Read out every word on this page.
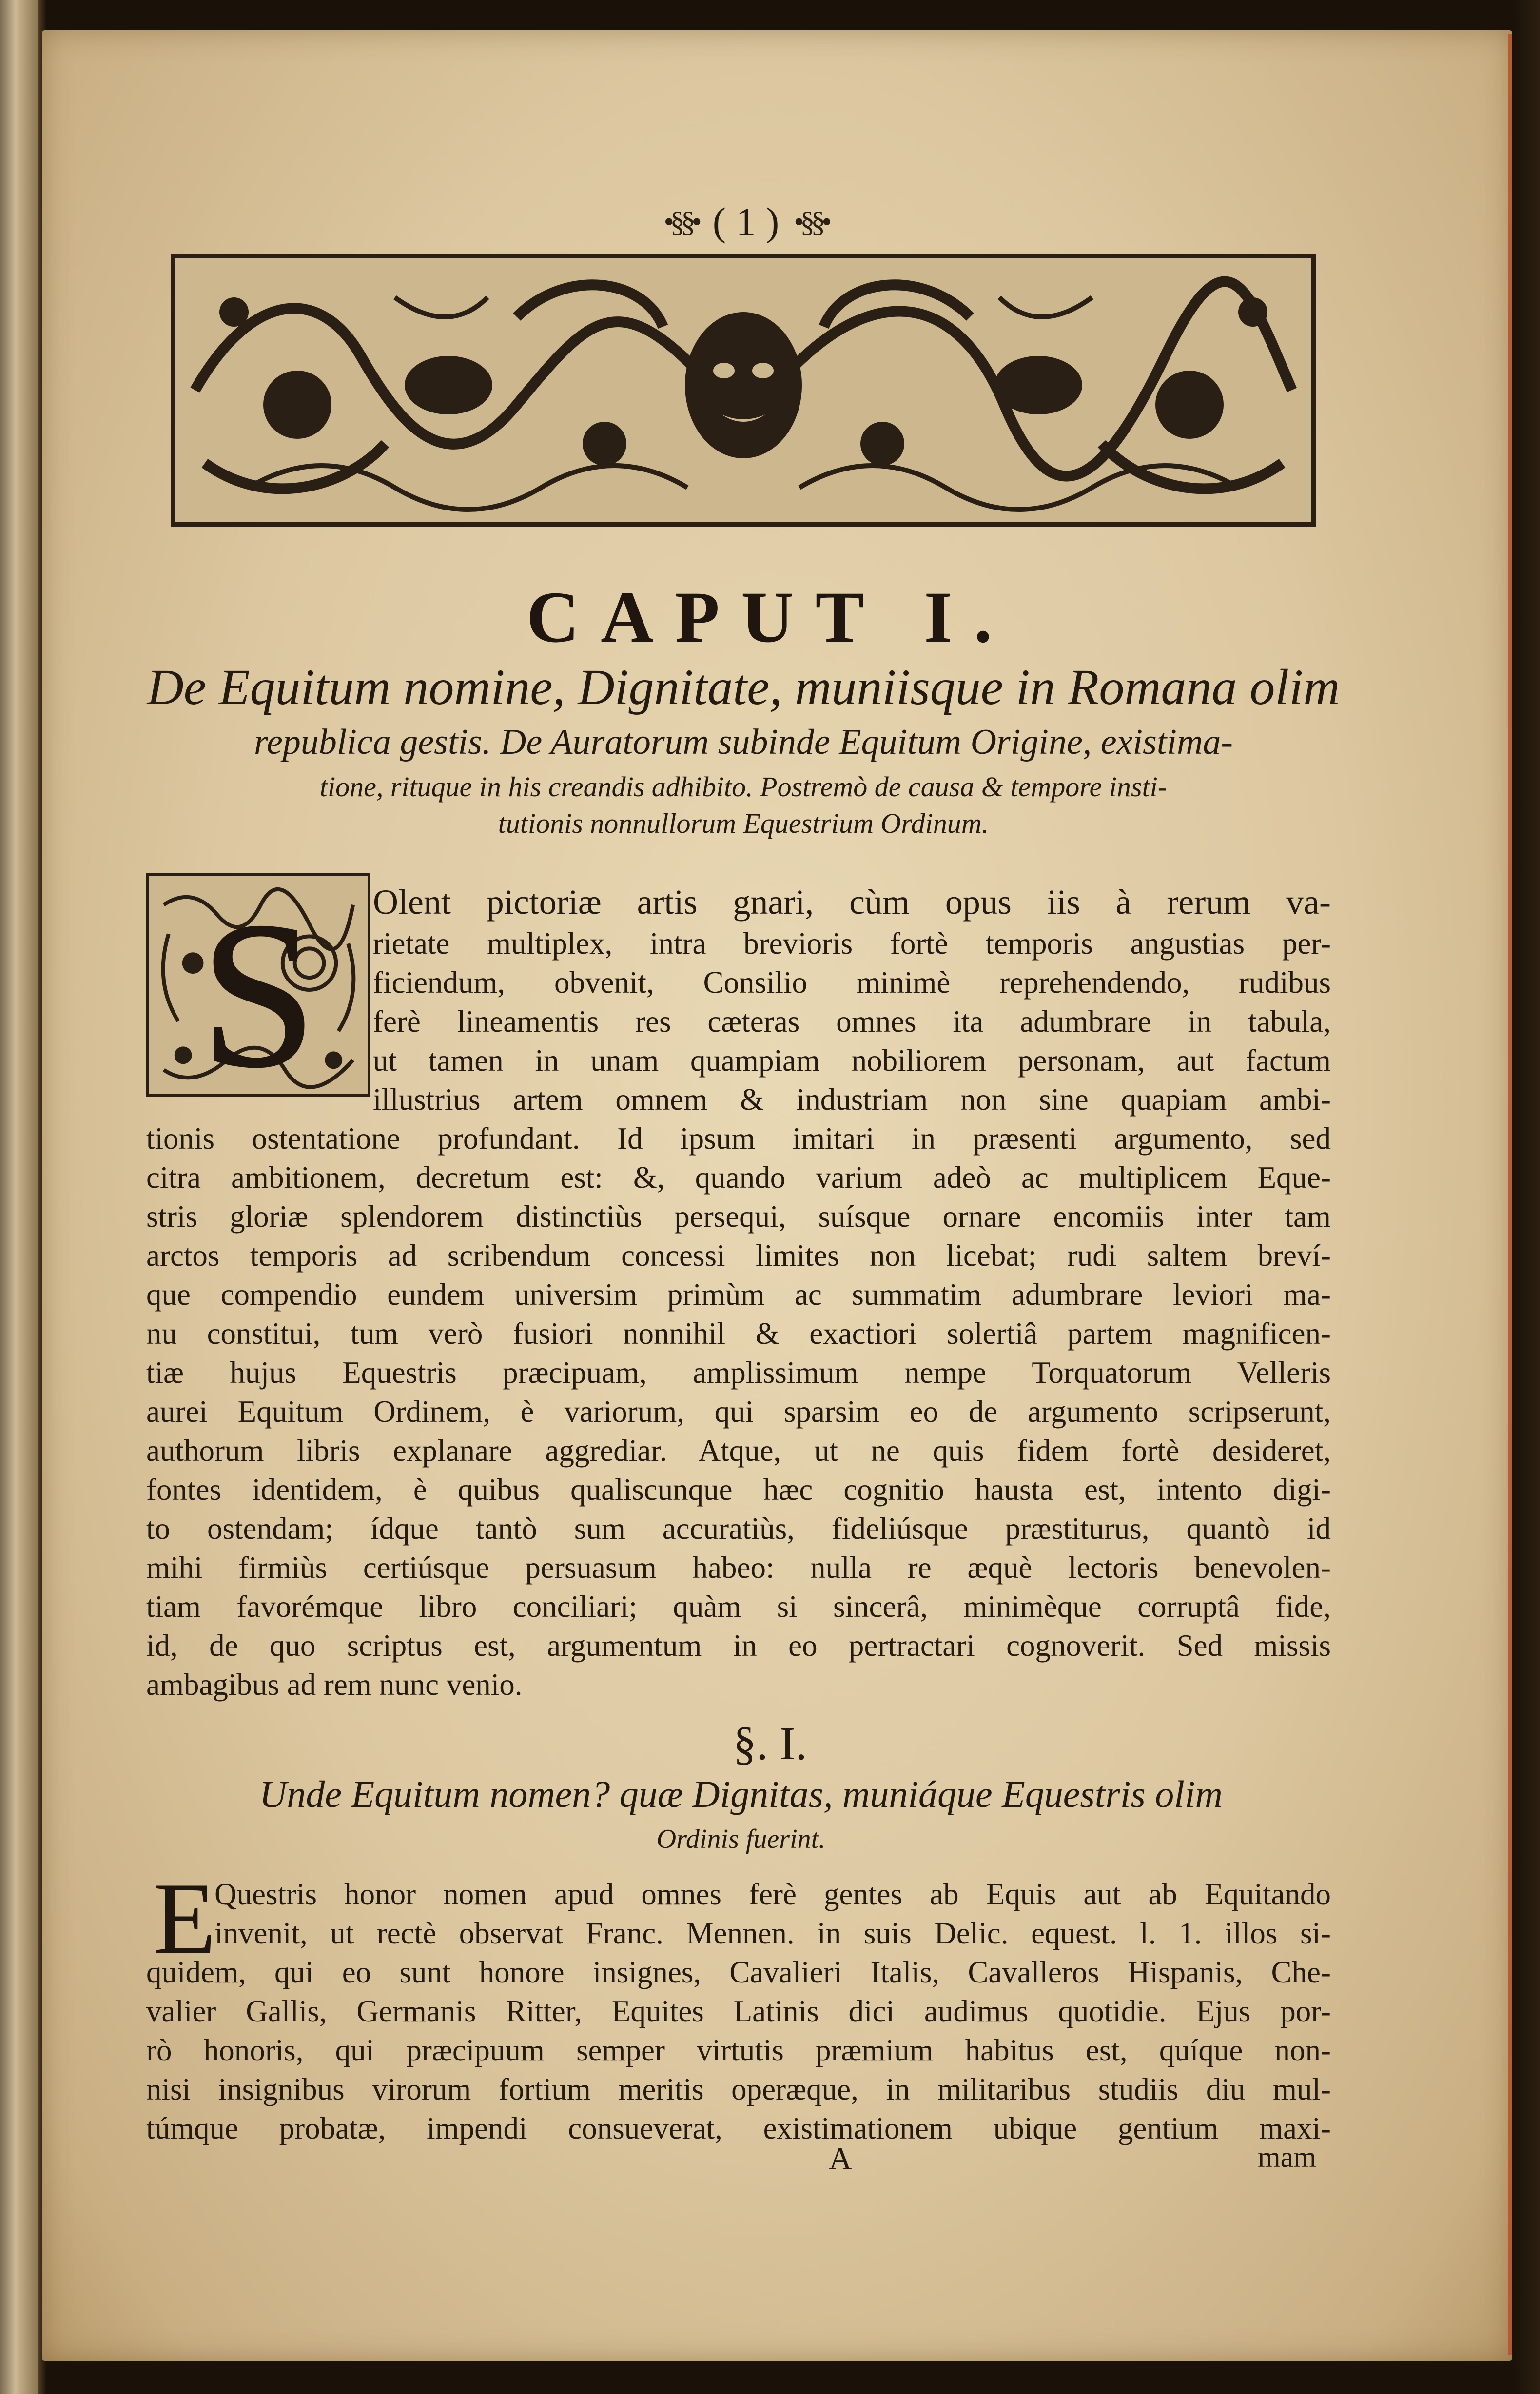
•§§• ( 1 ) •§§•
CAPUT I.
De Equitum nomine, Dignitate, muniisque in Romana olim
republica gestis. De Auratorum subinde Equitum Origine, existima-
tione, rituque in his creandis adhibito. Postremò de causa & tempore insti-
tutionis nonnullorum Equestrium Ordinum.
S Olent pictoriæ artis gnari, cùm opus iis à rerum va-
rietate multiplex, intra brevioris fortè temporis angustias per-
ficiendum, obvenit, Consilio minimè reprehendendo, rudibus
ferè lineamentis res cæteras omnes ita adumbrare in tabula,
ut tamen in unam quampiam nobiliorem personam, aut factum
illustrius artem omnem & industriam non sine quapiam ambi-
tionis ostentatione profundant. Id ipsum imitari in præsenti argumento, sed
citra ambitionem, decretum est: &, quando varium adeò ac multiplicem Eque-
stris gloriæ splendorem distinctiùs persequi, suísque ornare encomiis inter tam
arctos temporis ad scribendum concessi limites non licebat; rudi saltem breví-
que compendio eundem universim primùm ac summatim adumbrare leviori ma-
nu constitui, tum verò fusiori nonnihil & exactiori solertiâ partem magnificen-
tiæ hujus Equestris præcipuam, amplissimum nempe Torquatorum Velleris
aurei Equitum Ordinem, è variorum, qui sparsim eo de argumento scripserunt,
authorum libris explanare aggrediar. Atque, ut ne quis fidem fortè desideret,
fontes identidem, è quibus qualiscunque hæc cognitio hausta est, intento digi-
to ostendam; ídque tantò sum accuratiùs, fideliúsque præstiturus, quantò id
mihi firmiùs certiúsque persuasum habeo: nulla re æquè lectoris benevolen-
tiam favorémque libro conciliari; quàm si sincerâ, minimèque corruptâ fide,
id, de quo scriptus est, argumentum in eo pertractari cognoverit. Sed missis
ambagibus ad rem nunc venio.
§. I.
Unde Equitum nomen? quæ Dignitas, muniáque Equestris olim
Ordinis fuerint.
E
Questris honor nomen apud omnes ferè gentes ab Equis aut ab Equitando
invenit, ut rectè observat Franc. Mennen. in suis Delic. equest. l. 1. illos si-
quidem, qui eo sunt honore insignes, Cavalieri Italis, Cavalleros Hispanis, Che-
valier Gallis, Germanis Ritter, Equites Latinis dici audimus quotidie. Ejus por-
rò honoris, qui præcipuum semper virtutis præmium habitus est, quíque non-
nisi insignibus virorum fortium meritis operæque, in militaribus studiis diu mul-
túmque probatæ, impendi consueverat, existimationem ubique gentium maxi-
A	mam
